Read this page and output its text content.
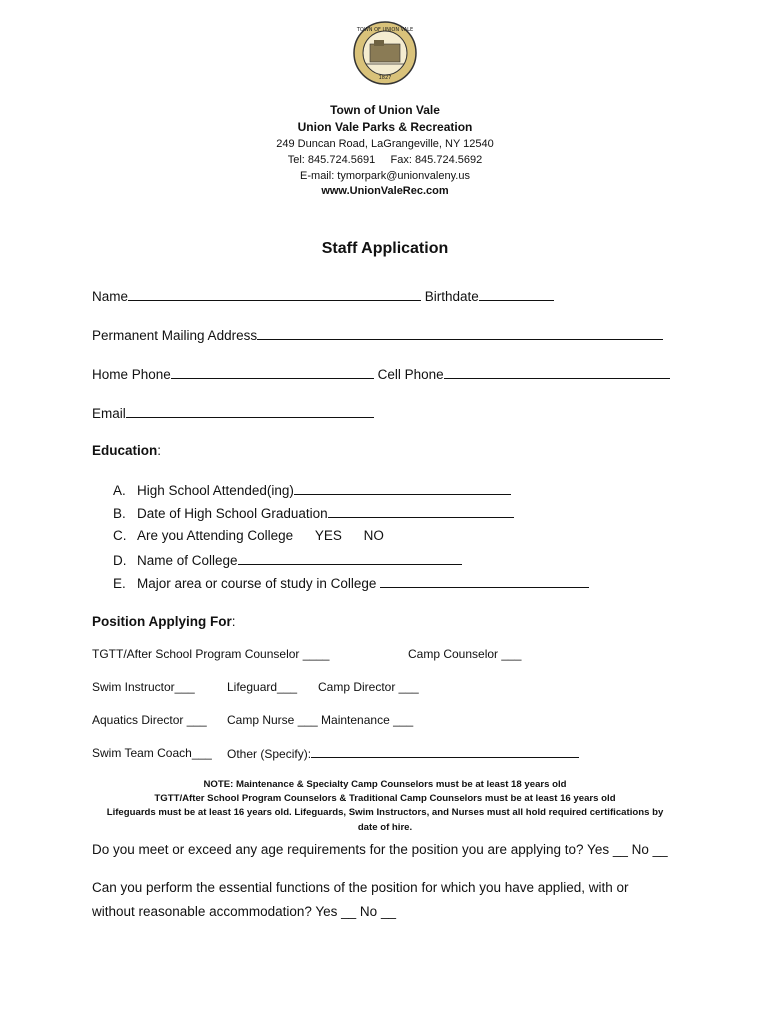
TOWN OF UNION VALE
1827
Town of Union Vale
Union Vale Parks & Recreation
249 Duncan Road, LaGrangeville, NY 12540
Tel: 845.724.5691     Fax: 845.724.5692
E-mail: tymorpark@unionvaleny.us
www.UnionValeRec.com
Staff Application
Name	Birthdate
Permanent Mailing Address
Home Phone	Cell Phone
Email
Education:
A. High School Attended(ing)
B. Date of High School Graduation
C. Are you Attending College YES NO
D. Name of College
E. Major area or course of study in College
Position Applying For:
TGTT/After School Program Counselor ____	Camp Counselor ___
Swim Instructor___	Lifeguard___ Camp Director ___
Aquatics Director ___ Camp Nurse ___ Maintenance ___
Swim Team Coach___ Other (Specify):
NOTE: Maintenance & Specialty Camp Counselors must be at least 18 years old
TGTT/After School Program Counselors & Traditional Camp Counselors must be at least 16 years old
Lifeguards must be at least 16 years old. Lifeguards, Swim Instructors, and Nurses must all hold required certifications by
date of hire.
Do you meet or exceed any age requirements for the position you are applying to? Yes __ No __
Can you perform the essential functions of the position for which you have applied, with or
without reasonable accommodation? Yes __ No __
